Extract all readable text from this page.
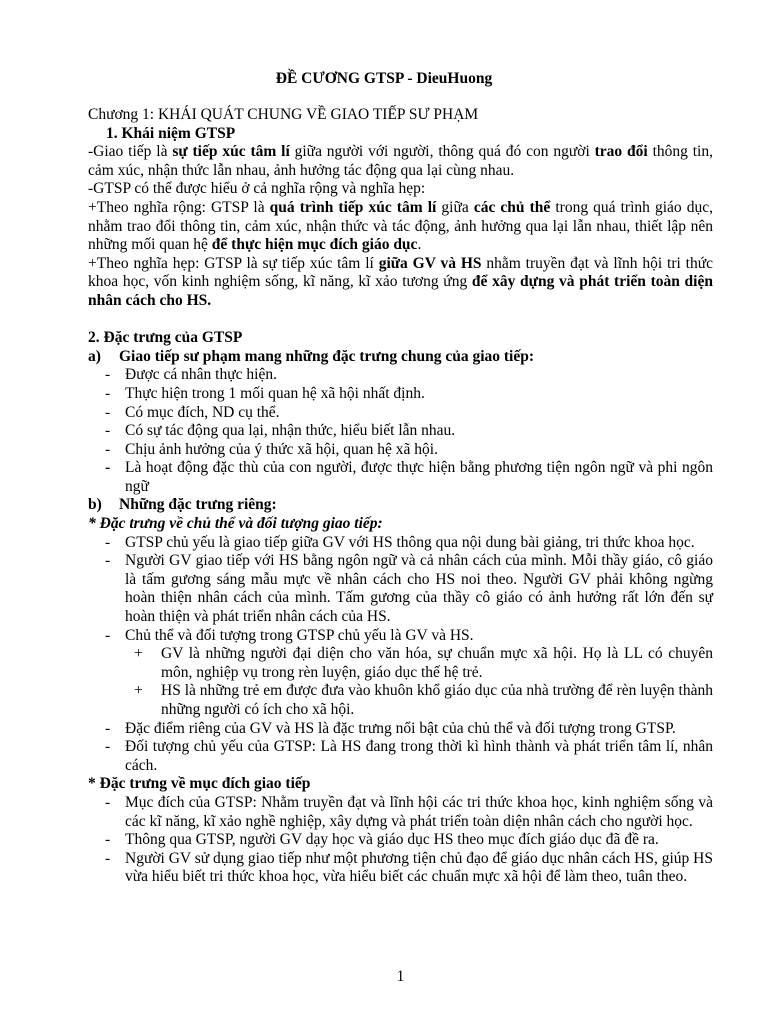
ĐỀ CƯƠNG GTSP - DieuHuong

Chương 1: KHÁI QUÁT CHUNG VỀ GIAO TIẾP SƯ PHẠM

1. Khái niệm GTSP

-Giao tiếp là sự tiếp xúc tâm lí giữa người với người, thông quá đó con người trao đổi thông tin, cảm xúc, nhận thức lẫn nhau, ảnh hưởng tác động qua lại cùng nhau.

-GTSP có thể được hiểu ở cả nghĩa rộng và nghĩa hẹp:

+Theo nghĩa rộng: GTSP là quá trình tiếp xúc tâm lí giữa các chủ thể trong quá trình giáo dục, nhằm trao đổi thông tin, cảm xúc, nhận thức và tác động, ảnh hưởng qua lại lẫn nhau, thiết lập nên những mối quan hệ để thực hiện mục đích giáo dục.

+Theo nghĩa hẹp: GTSP là sự tiếp xúc tâm lí giữa GV và HS nhằm truyền đạt và lĩnh hội tri thức khoa học, vốn kinh nghiệm sống, kĩ năng, kĩ xảo tương ứng để xây dựng và phát triển toàn diện nhân cách cho HS.

2. Đặc trưng của GTSP

a)	Giao tiếp sư phạm mang những đặc trưng chung của giao tiếp:

- Được cá nhân thực hiện.
- Thực hiện trong 1 mối quan hệ xã hội nhất định.
- Có mục đích, ND cụ thể.
- Có sự tác động qua lại, nhận thức, hiểu biết lẫn nhau.
- Chịu ảnh hưởng của ý thức xã hội, quan hệ xã hội.
- Là hoạt động đặc thù của con người, được thực hiện bằng phương tiện ngôn ngữ và phi ngôn ngữ

b)	Những đặc trưng riêng:

* Đặc trưng về chủ thể và đối tượng giao tiếp:

- GTSP chủ yếu là giao tiếp giữa GV với HS thông qua nội dung bài giảng, tri thức khoa học.
- Người GV giao tiếp với HS bằng ngôn ngữ và cả nhân cách của mình. Mỗi thầy giáo, cô giáo là tấm gương sáng mẫu mực về nhân cách cho HS noi theo. Người GV phải không ngừng hoàn thiện nhân cách của mình. Tấm gương của thầy cô giáo có ảnh hưởng rất lớn đến sự hoàn thiện và phát triển nhân cách của HS.
- Chủ thể và đối tượng trong GTSP chủ yếu là GV và HS.
+ GV là những người đại diện cho văn hóa, sự chuẩn mực xã hội. Họ là LL có chuyên môn, nghiệp vụ trong rèn luyện, giáo dục thế hệ trẻ.
+ HS là những trẻ em được đưa vào khuôn khổ giáo dục của nhà trường để rèn luyện thành những người có ích cho xã hội.
- Đặc điểm riêng của GV và HS là đặc trưng nổi bật của chủ thể và đối tượng trong GTSP.
- Đối tượng chủ yếu của GTSP: Là HS đang trong thời kì hình thành và phát triển tâm lí, nhân cách.

* Đặc trưng về mục đích giao tiếp

- Mục đích của GTSP: Nhằm truyền đạt và lĩnh hội các tri thức khoa học, kinh nghiệm sống và các kĩ năng, kĩ xảo nghề nghiệp, xây dựng và phát triển toàn diện nhân cách cho người học.
- Thông qua GTSP, người GV dạy học và giáo dục HS theo mục đích giáo dục đã đề ra.
- Người GV sử dụng giao tiếp như một phương tiện chủ đạo để giáo dục nhân cách HS, giúp HS vừa hiểu biết tri thức khoa học, vừa hiểu biết các chuẩn mực xã hội để làm theo, tuân theo.
1
